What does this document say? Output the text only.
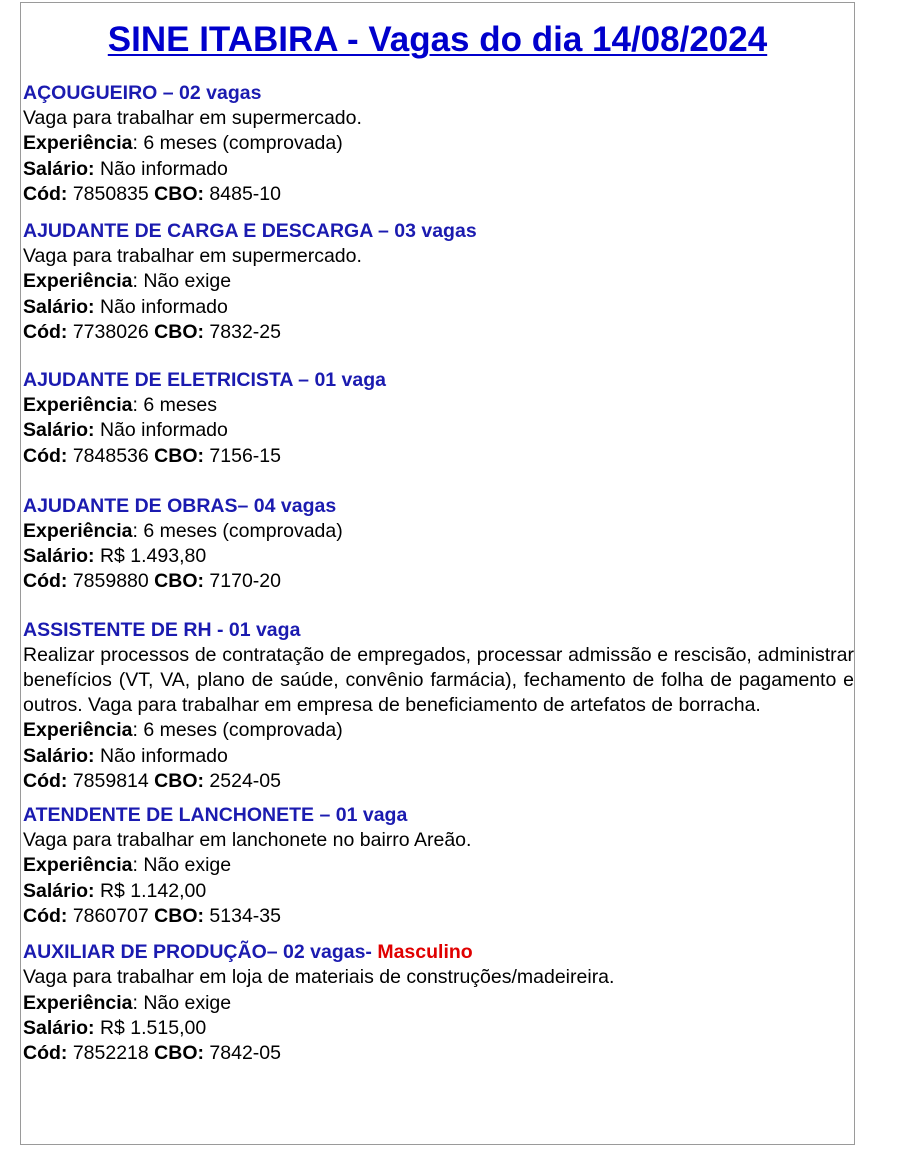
SINE ITABIRA - Vagas do dia 14/08/2024
AÇOUGUEIRO – 02 vagas
Vaga para trabalhar em supermercado.
Experiência: 6 meses (comprovada)
Salário: Não informado
Cód: 7850835 CBO: 8485-10
AJUDANTE DE CARGA E DESCARGA – 03 vagas
Vaga para trabalhar em supermercado.
Experiência: Não exige
Salário: Não informado
Cód: 7738026 CBO: 7832-25
AJUDANTE DE ELETRICISTA – 01 vaga
Experiência: 6 meses
Salário: Não informado
Cód: 7848536 CBO: 7156-15
AJUDANTE DE OBRAS– 04 vagas
Experiência: 6 meses (comprovada)
Salário: R$ 1.493,80
Cód: 7859880 CBO: 7170-20
ASSISTENTE DE RH - 01 vaga
Realizar processos de contratação de empregados, processar admissão e rescisão, administrar benefícios (VT, VA, plano de saúde, convênio farmácia), fechamento de folha de pagamento e outros. Vaga para trabalhar em empresa de beneficiamento de artefatos de borracha.
Experiência: 6 meses (comprovada)
Salário: Não informado
Cód: 7859814 CBO: 2524-05
ATENDENTE DE LANCHONETE – 01 vaga
Vaga para trabalhar em lanchonete no bairro Areão.
Experiência: Não exige
Salário: R$ 1.142,00
Cód: 7860707 CBO: 5134-35
AUXILIAR DE PRODUÇÃO– 02 vagas- Masculino
Vaga para trabalhar em loja de materiais de construções/madeireira.
Experiência: Não exige
Salário: R$ 1.515,00
Cód: 7852218 CBO: 7842-05
